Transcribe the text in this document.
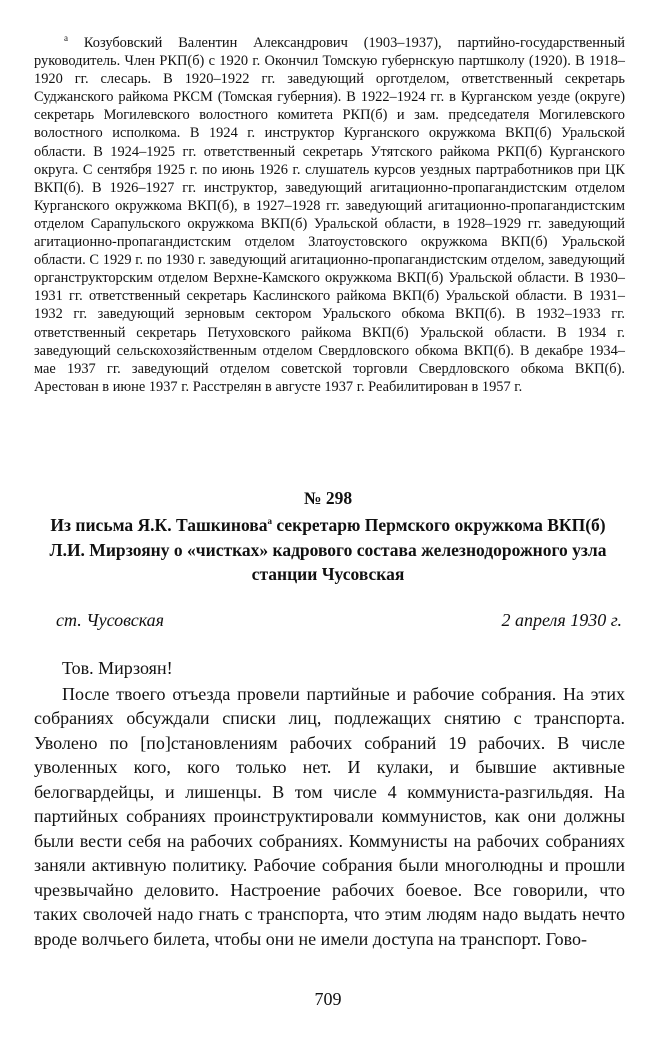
$^a$ Козубовский Валентин Александрович (1903–1937), партийно-государственный руководитель. Член РКП(б) с 1920 г. Окончил Томскую губернскую партшколу (1920). В 1918–1920 гг. слесарь. В 1920–1922 гг. заведующий орготделом, ответственный секретарь Суджанского райкома РКСМ (Томская губерния). В 1922–1924 гг. в Курганском уезде (округе) секретарь Могилевского волостного комитета РКП(б) и зам. председателя Могилевского волостного исполкома. В 1924 г. инструктор Курганского окружкома ВКП(б) Уральской области. В 1924–1925 гг. ответственный секретарь Утятского райкома РКП(б) Курганского округа. С сентября 1925 г. по июнь 1926 г. слушатель курсов уездных партработников при ЦК ВКП(б). В 1926–1927 гг. инструктор, заведующий агитационно-пропагандистским отделом Курганского окружкома ВКП(б), в 1927–1928 гг. заведующий агитационно-пропагандистским отделом Сарапульского окружкома ВКП(б) Уральской области, в 1928–1929 гг. заведующий агитационно-пропагандистским отделом Златоустовского окружкома ВКП(б) Уральской области. С 1929 г. по 1930 г. заведующий агитационно-пропагандистским отделом, заведующий органструкторским отделом Верхне-Камского окружкома ВКП(б) Уральской области. В 1930–1931 гг. ответственный секретарь Каслинского райкома ВКП(б) Уральской области. В 1931–1932 гг. заведующий зерновым сектором Уральского обкома ВКП(б). В 1932–1933 гг. ответственный секретарь Петуховского райкома ВКП(б) Уральской области. В 1934 г. заведующий сельскохозяйственным отделом Свердловского обкома ВКП(б). В декабре 1934–мае 1937 гг. заведующий отделом советской торговли Свердловского обкома ВКП(б). Арестован в июне 1937 г. Расстрелян в августе 1937 г. Реабилитирован в 1957 г.

№ 298

Из письма Я.К. Ташкинова$^a$ секретарю Пермского окружкома ВКП(б) Л.И. Мирзояну о «чистках» кадрового состава железнодорожного узла станции Чусовская

ст. Чусовская	2 апреля 1930 г.
Тов. Мирзоян!

После твоего отъезда провели партийные и рабочие собрания. На этих собраниях обсуждали списки лиц, подлежащих снятию с транспорта. Уволено по [по]становлениям рабочих собраний 19 рабочих. В числе уволенных кого, кого только нет. И кулаки, и бывшие активные белогвардейцы, и лишенцы. В том числе 4 коммуниста-разгильдяя. На партийных собраниях проинструктировали коммунистов, как они должны были вести себя на рабочих собраниях. Коммунисты на рабочих собраниях заняли активную политику. Рабочие собрания были многолюдны и прошли чрезвычайно деловито. Настроение рабочих боевое. Все говорили, что таких сволочей надо гнать с транспорта, что этим людям надо выдать нечто вроде волчьего билета, чтобы они не имели доступа на транспорт. Гово-

709
